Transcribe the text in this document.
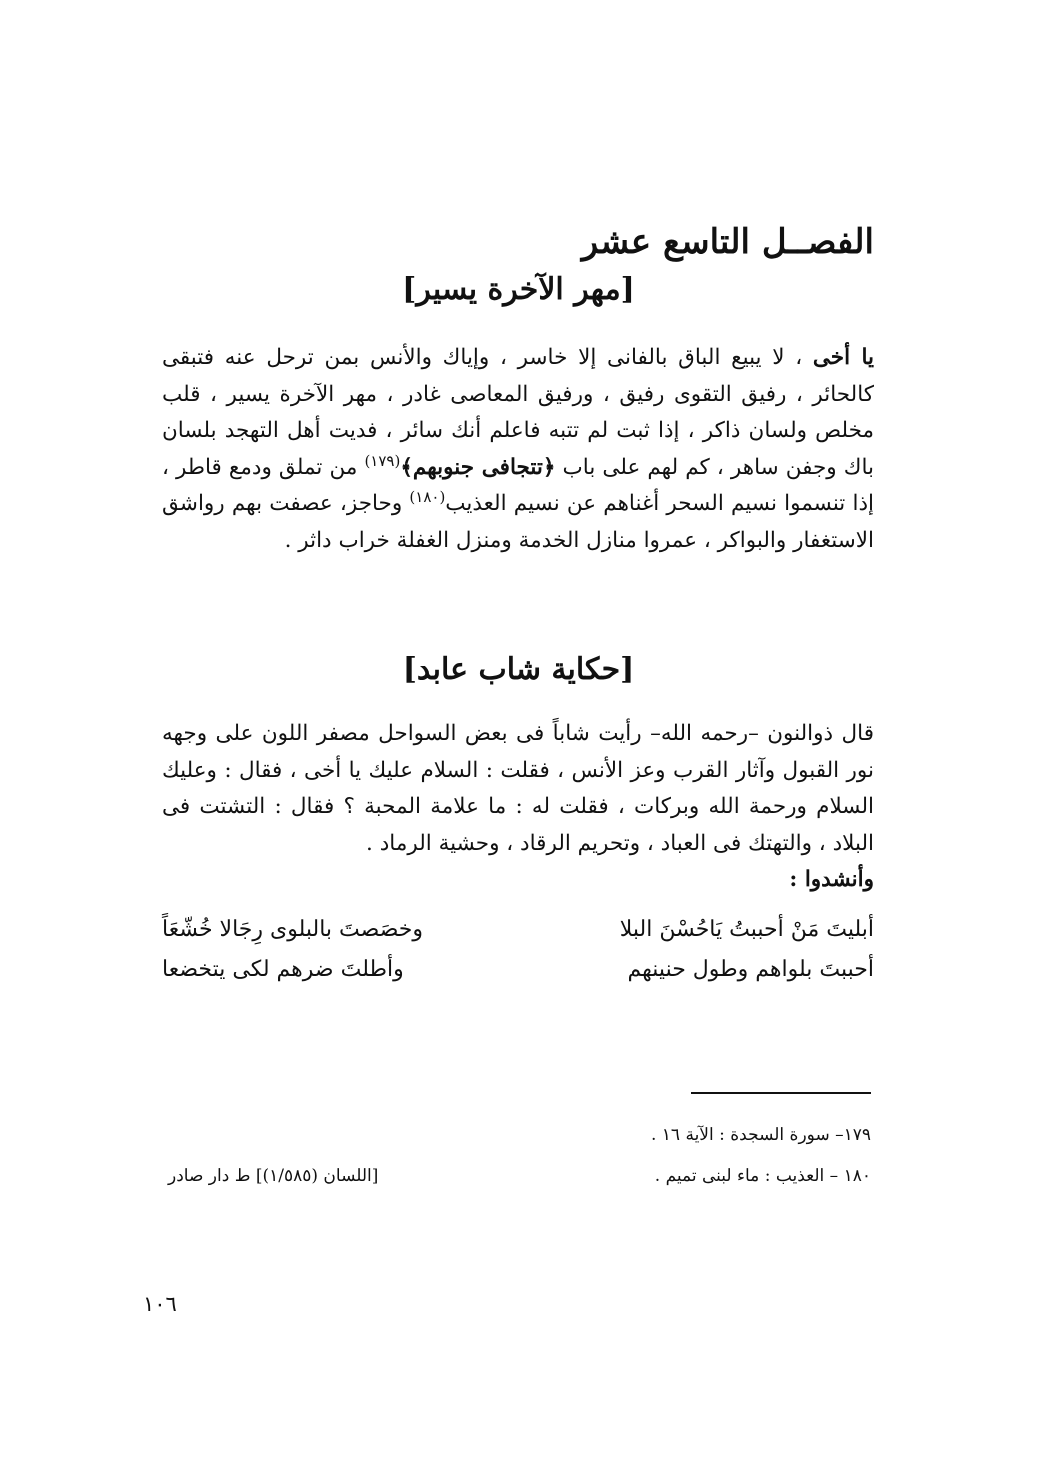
الفصــل التاسع عشر
[مهر الآخرة يسير]
يا أخى ، لا يبيع الباق بالفانى إلا خاسر ، وإياك والأنس بمن ترحل عنه فتبقى كالحائر ، رفيق التقوى رفيق ، ورفيق المعاصى غادر ، مهر الآخرة يسير ، قلب مخلص ولسان ذاكر ، إذا ثبت لم تتبه فاعلم أنك سائر ، فديت أهل التهجد بلسان باك وجفن ساهر ، كم لهم على باب ﴿تتجافى جنوبهم﴾$^{(١٧٩)}$ من تملق ودمع قاطر ، إذا تنسموا نسيم السحر أغناهم عن نسيم العذيب$^{(١٨٠)}$ وحاجز، عصفت بهم رواشق الاستغفار والبواكر ، عمروا منازل الخدمة ومنزل الغفلة خراب داثر .
[حكاية شاب عابد]
قال ذوالنون –رحمه الله– رأيت شاباً فى بعض السواحل مصفر اللون على وجهه نور القبول وآثار القرب وعز الأنس ، فقلت : السلام عليك يا أخى ، فقال : وعليك السلام ورحمة الله وبركات ، فقلت له : ما علامة المحبة ؟ فقال : التشتت فى البلاد ، والتهتك فى العباد ، وتحريم الرقاد ، وحشية الرماد .
وأنشدوا :
أبليتَ مَنْ أحببتُ يَاحُسْنَ البلا
وخصَصتَ بالبلوى رِجَالا خُشّعَاً
أحببتَ بلواهم وطول حنينهم
وأطلتَ ضرهم لكى يتخضعا
١٧٩– سورة السجدة : الآية ١٦ .
١٨٠ – العذيب : ماء لبنى تميم .
[اللسان (١/٥٨٥)] ط دار صادر
١٠٦
